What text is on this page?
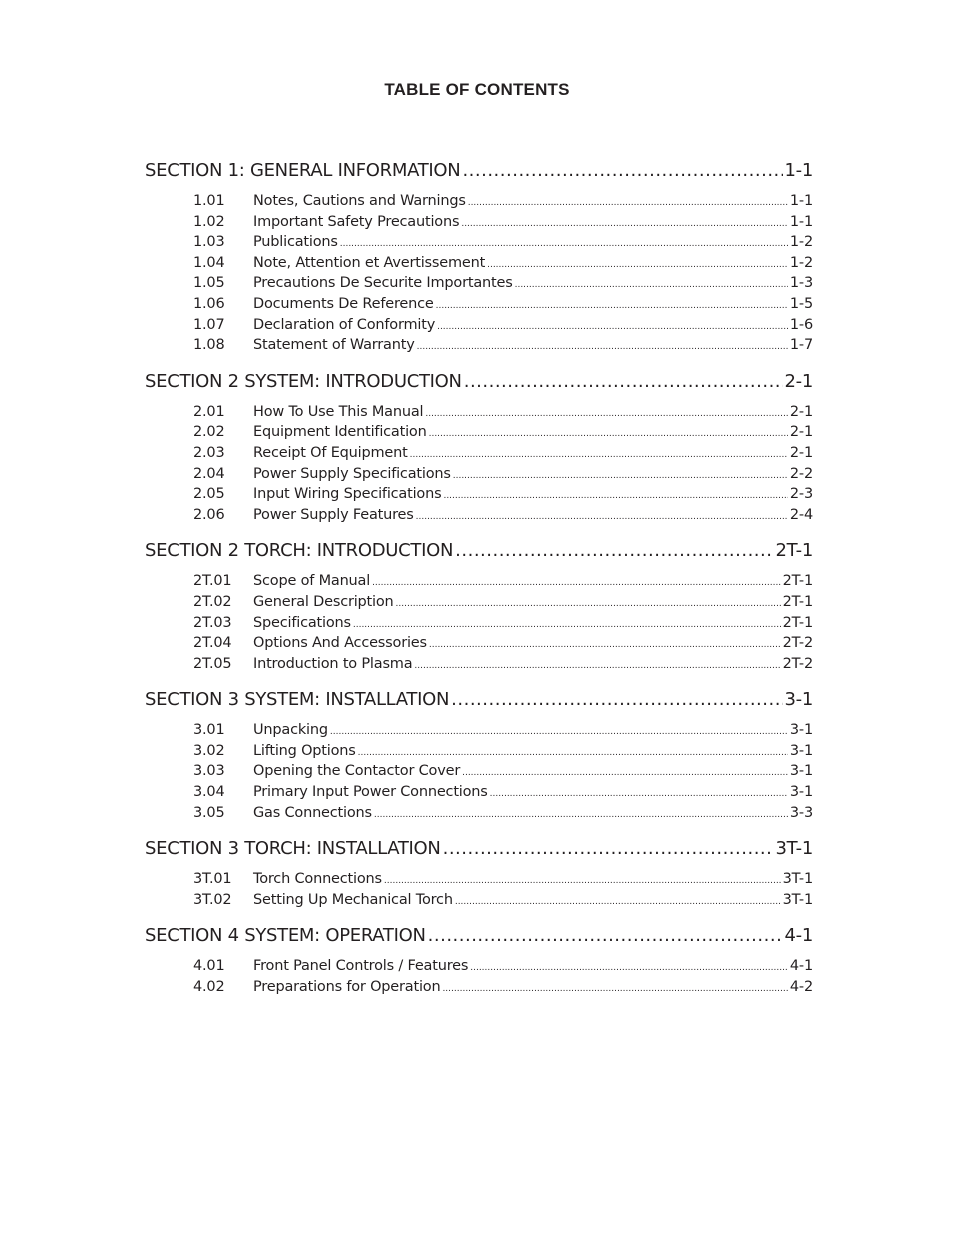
TABLE OF CONTENTS
SECTION 1: GENERAL INFORMATION .....	1-1
1.01	Notes, Cautions and Warnings .....	1-1
1.02	Important Safety Precautions .....	1-1
1.03	Publications .....	1-2
1.04	Note, Attention et Avertissement .....	1-2
1.05	Precautions De Securite Importantes .....	1-3
1.06	Documents De Reference .....	1-5
1.07	Declaration of Conformity .....	1-6
1.08	Statement of Warranty .....	1-7
SECTION 2 SYSTEM: INTRODUCTION .....	2-1
2.01	How To Use This Manual .....	2-1
2.02	Equipment Identification .....	2-1
2.03	Receipt Of Equipment .....	2-1
2.04	Power Supply Specifications .....	2-2
2.05	Input Wiring Specifications .....	2-3
2.06	Power Supply Features .....	2-4
SECTION 2 TORCH: INTRODUCTION .....	2T-1
2T.01	Scope of Manual .....	2T-1
2T.02	General Description .....	2T-1
2T.03	Specifications .....	2T-1
2T.04	Options And Accessories .....	2T-2
2T.05	Introduction to Plasma .....	2T-2
SECTION 3 SYSTEM: INSTALLATION .....	3-1
3.01	Unpacking .....	3-1
3.02	Lifting Options .....	3-1
3.03	Opening the Contactor Cover .....	3-1
3.04	Primary Input Power Connections .....	3-1
3.05	Gas Connections .....	3-3
SECTION 3 TORCH: INSTALLATION .....	3T-1
3T.01	Torch Connections .....	3T-1
3T.02	Setting Up Mechanical Torch .....	3T-1
SECTION 4 SYSTEM: OPERATION .....	4-1
4.01	Front Panel Controls / Features .....	4-1
4.02	Preparations for Operation .....	4-2
